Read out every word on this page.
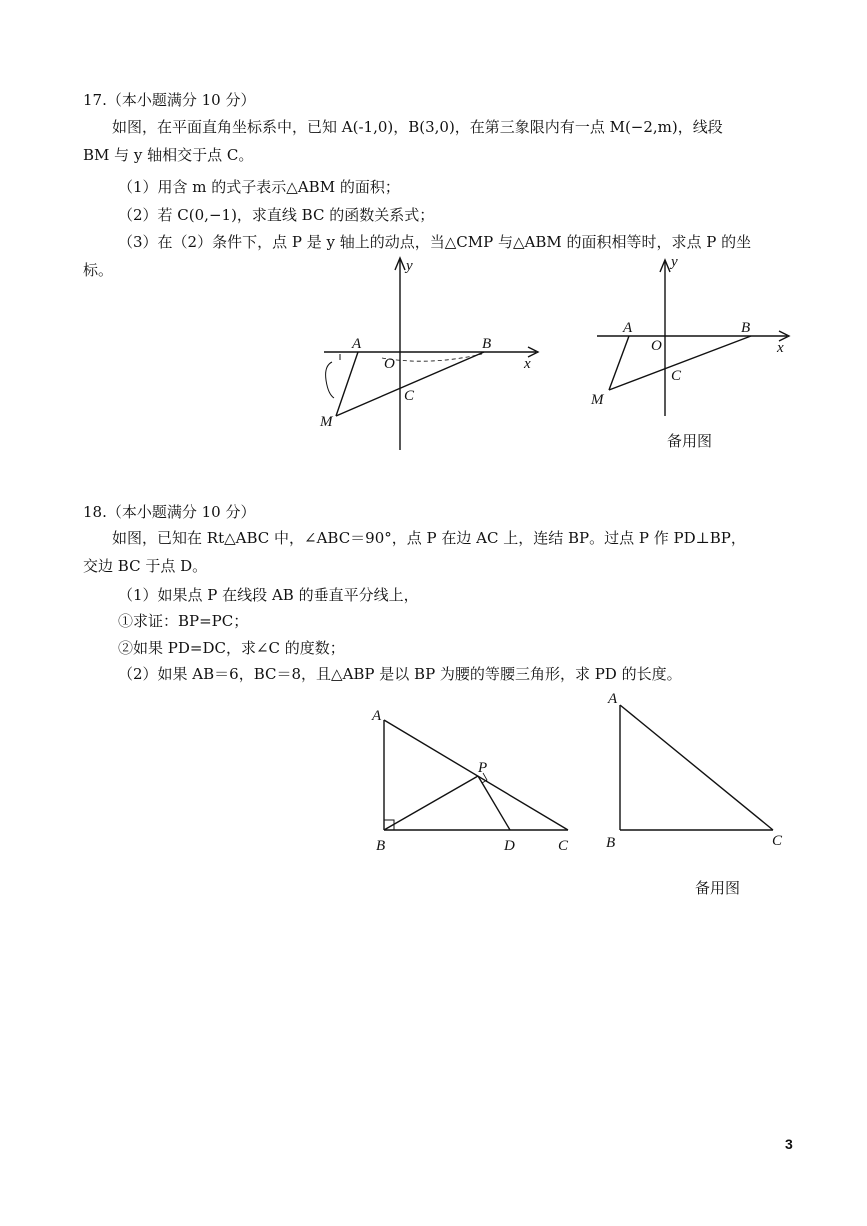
17.（本小题满分 10 分）
如图，在平面直角坐标系中，已知 A(-1,0)，B(3,0)，在第三象限内有一点 M(−2,m)，线段
BM 与 y 轴相交于点 C。
（1）用含 m 的式子表示△ABM 的面积；
（2）若 C(0,−1)，求直线 BC 的函数关系式；
（3）在（2）条件下，点 P 是 y 轴上的动点，当△CMP 与△ABM 的面积相等时，求点 P 的坐
标。
A	B
O
C
M
x
y
A	B
O
C
M
x
y
备用图
18.（本小题满分 10 分）
如图，已知在 Rt△ABC 中，∠ABC＝90°，点 P 在边 AC 上，连结 BP。过点 P 作 PD⊥BP，
交边 BC 于点 D。
（1）如果点 P 在线段 AB 的垂直平分线上，
①求证：BP=PC；
②如果 PD=DC，求∠C 的度数；
（2）如果 AB＝6，BC＝8，且△ABP 是以 BP 为腰的等腰三角形，求 PD 的长度。
A
B
P
D	C
A
B	C
备用图
3
